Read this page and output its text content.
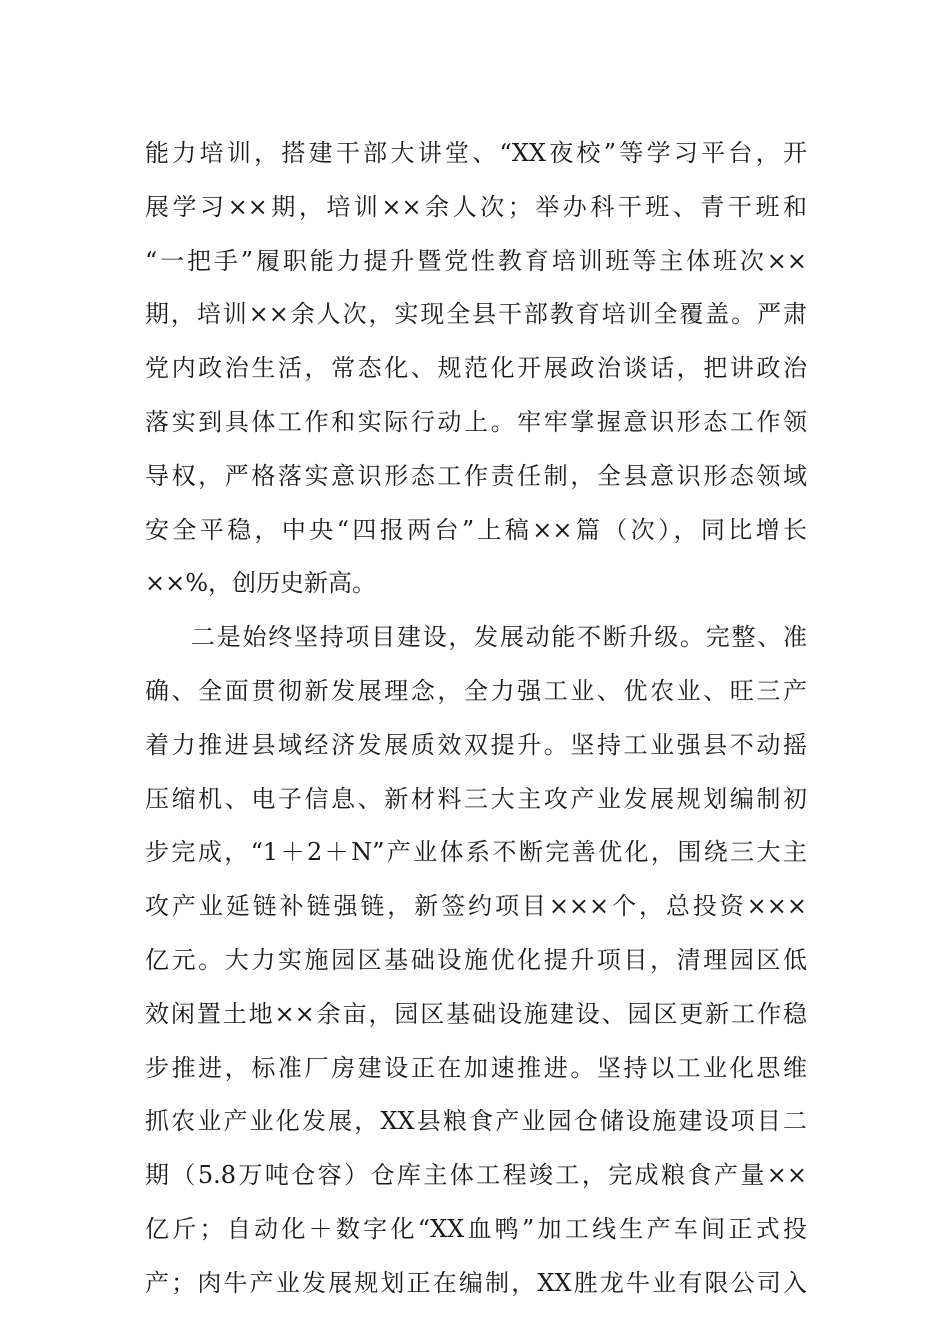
能力培训，搭建干部大讲堂、“XX夜校”等学习平台，开
展学习××期，培训××余人次；举办科干班、青干班和
“一把手”履职能力提升暨党性教育培训班等主体班次××
期，培训××余人次，实现全县干部教育培训全覆盖。严肃
党内政治生活，常态化、规范化开展政治谈话，把讲政治
落实到具体工作和实际行动上。牢牢掌握意识形态工作领
导权，严格落实意识形态工作责任制，全县意识形态领域
安全平稳，中央“四报两台”上稿××篇（次），同比增长
××%，创历史新高。
二是始终坚持项目建设，发展动能不断升级。完整、准
确、全面贯彻新发展理念，全力强工业、优农业、旺三产
着力推进县域经济发展质效双提升。坚持工业强县不动摇
压缩机、电子信息、新材料三大主攻产业发展规划编制初
步完成，“1＋2＋N”产业体系不断完善优化，围绕三大主
攻产业延链补链强链，新签约项目×××个，总投资×××
亿元。大力实施园区基础设施优化提升项目，清理园区低
效闲置土地××余亩，园区基础设施建设、园区更新工作稳
步推进，标准厂房建设正在加速推进。坚持以工业化思维
抓农业产业化发展，XX县粮食产业园仓储设施建设项目二
期（5.8万吨仓容）仓库主体工程竣工，完成粮食产量××
亿斤；自动化＋数字化“XX血鸭”加工线生产车间正式投
产；肉牛产业发展规划正在编制，XX胜龙牛业有限公司入
